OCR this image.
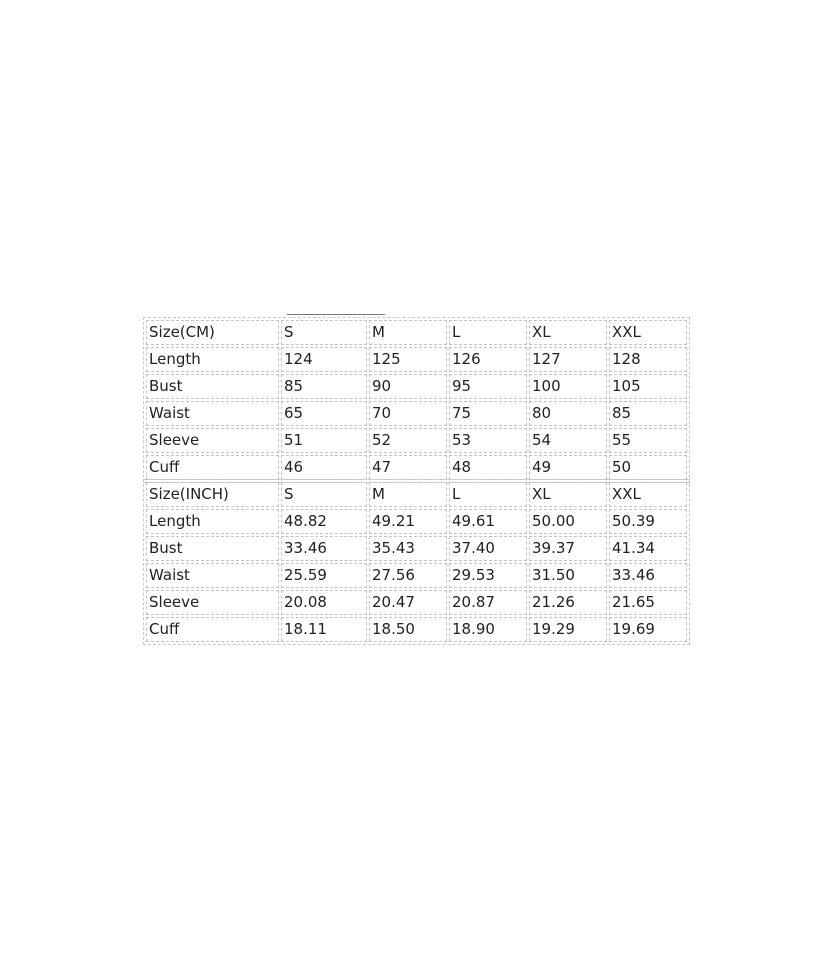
Size(CM)	S	M	L	XL	XXL
Length	124	125	126	127	128
Bust	85	90	95	100	105
Waist	65	70	75	80	85
Sleeve	51	52	53	54	55
Cuff	46	47	48	49	50
Size(INCH)	S	M	L	XL	XXL
Length	48.82	49.21	49.61	50.00	50.39
Bust	33.46	35.43	37.40	39.37	41.34
Waist	25.59	27.56	29.53	31.50	33.46
Sleeve	20.08	20.47	20.87	21.26	21.65
Cuff	18.11	18.50	18.90	19.29	19.69
